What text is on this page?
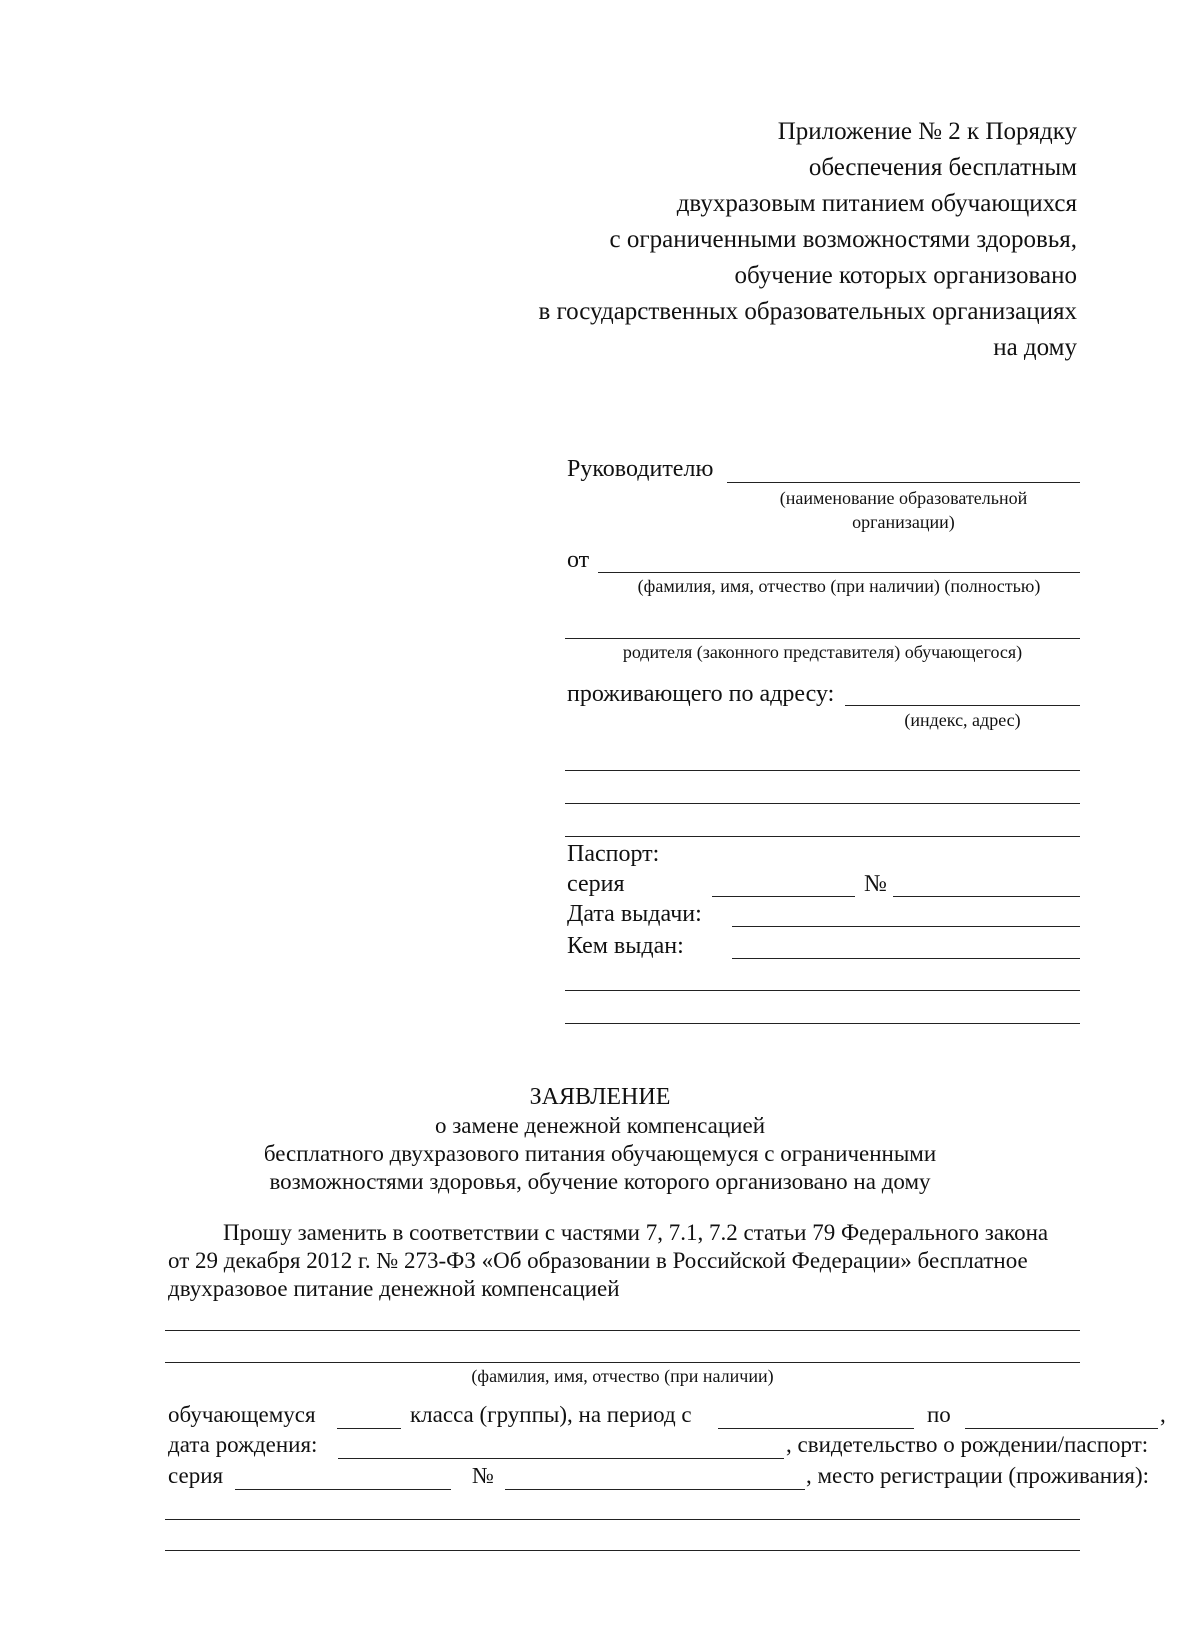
Приложение № 2 к Порядку
обеспечения бесплатным
двухразовым питанием обучающихся
с ограниченными возможностями здоровья,
обучение которых организовано
в государственных образовательных организациях
на дому
Руководителю
(наименование образовательной
организации)
от
(фамилия, имя, отчество (при наличии) (полностью)
родителя (законного представителя) обучающегося)
проживающего по адресу:
(индекс, адрес)
Паспорт:
серия	№
Дата выдачи:
Кем выдан:
ЗАЯВЛЕНИЕ
о замене денежной компенсацией
бесплатного двухразового питания обучающемуся с ограниченными
возможностями здоровья, обучение которого организовано на дому
Прошу заменить в соответствии с частями 7, 7.1, 7.2 статьи 79 Федерального закона
от 29 декабря 2012 г. № 273-ФЗ «Об образовании в Российской Федерации» бесплатное
двухразовое питание денежной компенсацией
(фамилия, имя, отчество (при наличии)
обучающемуся	класса (группы), на период с	по	,
дата рождения:	, свидетельство о рождении/паспорт:
серия	№	, место регистрации (проживания):
